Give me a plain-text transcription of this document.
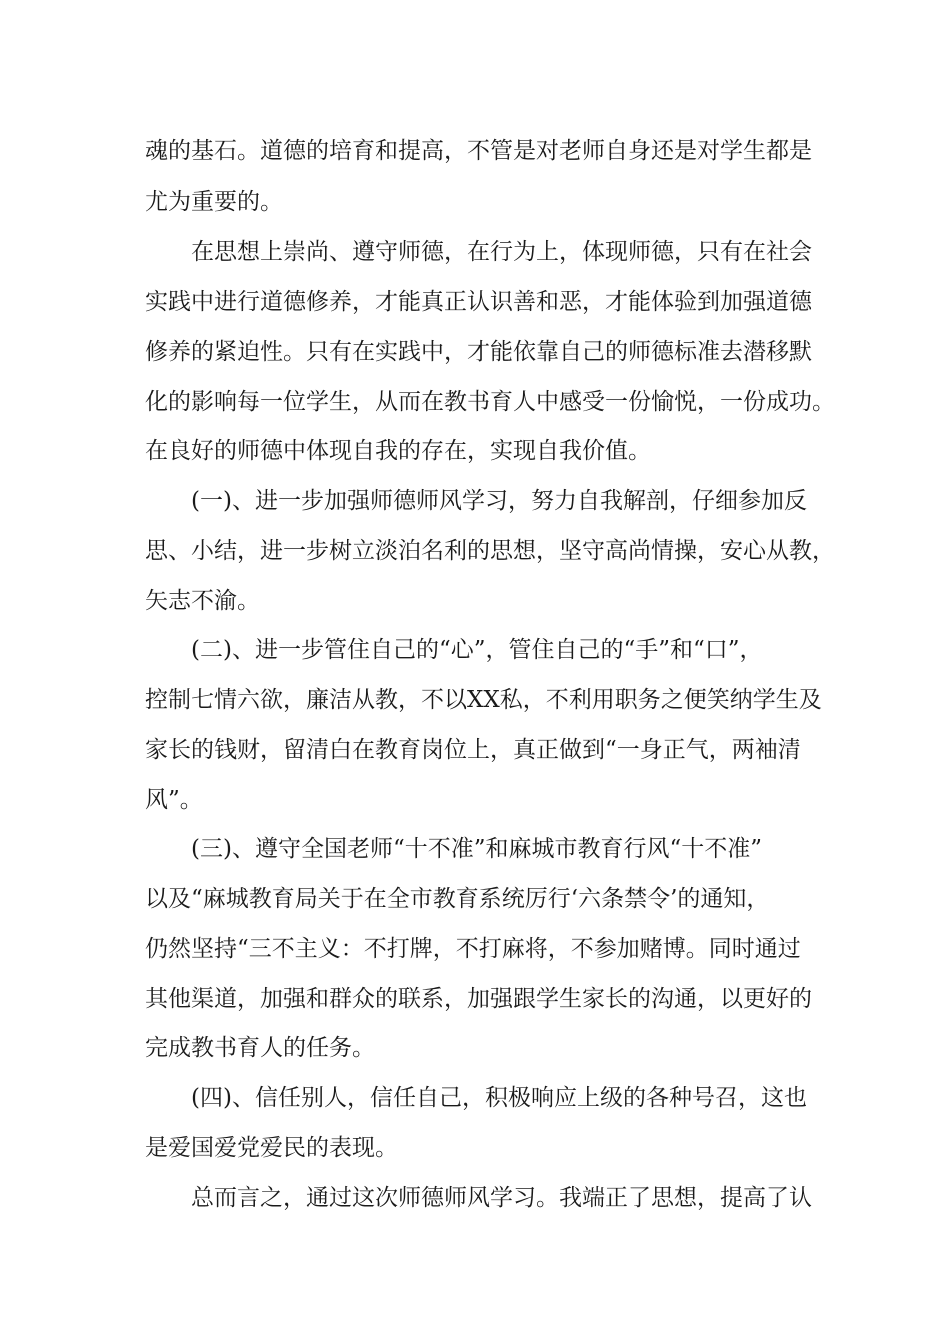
魂的基石。道德的培育和提高，不管是对老师自身还是对学生都是
尤为重要的。
在思想上崇尚、遵守师德，在行为上，体现师德，只有在社会
实践中进行道德修养，才能真正认识善和恶，才能体验到加强道德
修养的紧迫性。只有在实践中，才能依靠自己的师德标准去潜移默
化的影响每一位学生，从而在教书育人中感受一份愉悦，一份成功。
在良好的师德中体现自我的存在，实现自我价值。
(一)、进一步加强师德师风学习，努力自我解剖，仔细参加反
思、小结，进一步树立淡泊名利的思想，坚守高尚情操，安心从教，
矢志不渝。
(二)、进一步管住自己的“心”，管住自己的“手”和“口”，
控制七情六欲，廉洁从教，不以XX私，不利用职务之便笑纳学生及
家长的钱财，留清白在教育岗位上，真正做到“一身正气，两袖清
风”。
(三)、遵守全国老师“十不准”和麻城市教育行风“十不准”
以及“麻城教育局关于在全市教育系统厉行‘六条禁令’的通知，
仍然坚持“三不主义：不打牌，不打麻将，不参加赌博。同时通过
其他渠道，加强和群众的联系，加强跟学生家长的沟通，以更好的
完成教书育人的任务。
(四)、信任别人，信任自己，积极响应上级的各种号召，这也
是爱国爱党爱民的表现。
总而言之，通过这次师德师风学习。我端正了思想，提高了认
